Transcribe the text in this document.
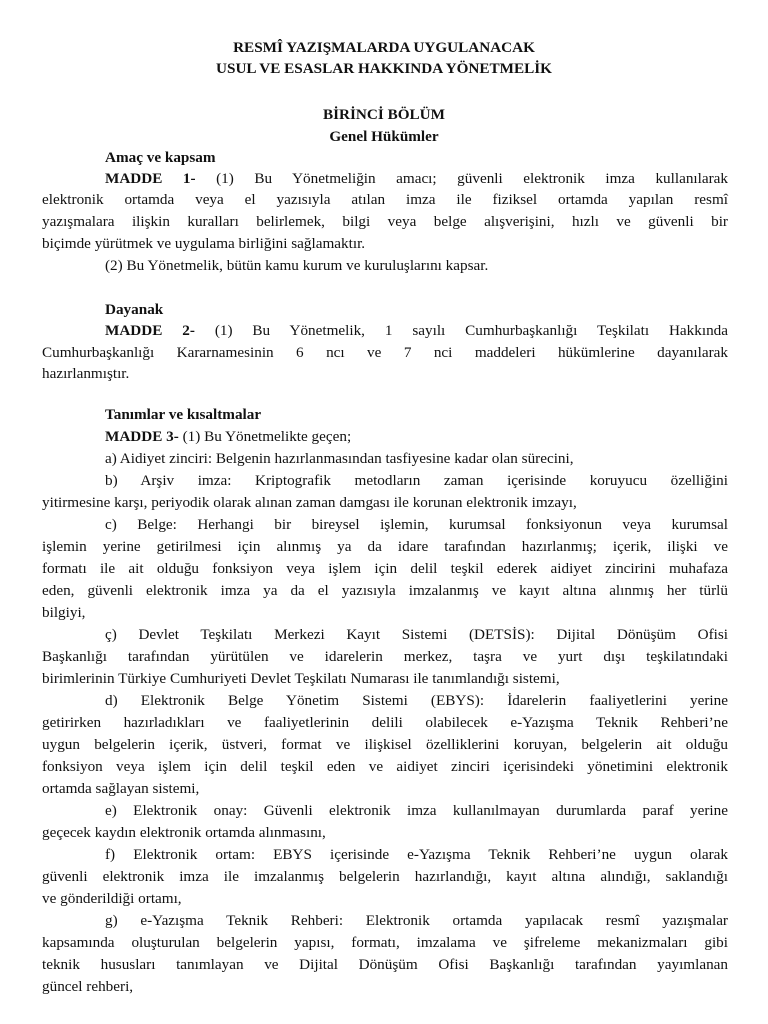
RESMÎ YAZIŞMALARDA UYGULANACAK
USUL VE ESASLAR HAKKINDA YÖNETMELİK
BİRİNCİ BÖLÜM
Genel Hükümler
Amaç ve kapsam
MADDE 1- (1) Bu Yönetmeliğin amacı; güvenli elektronik imza kullanılarak
elektronik ortamda veya el yazısıyla atılan imza ile fiziksel ortamda yapılan resmî
yazışmalara ilişkin kuralları belirlemek, bilgi veya belge alışverişini, hızlı ve güvenli bir
biçimde yürütmek ve uygulama birliğini sağlamaktır.
(2) Bu Yönetmelik, bütün kamu kurum ve kuruluşlarını kapsar.
Dayanak
MADDE 2- (1) Bu Yönetmelik, 1 sayılı Cumhurbaşkanlığı Teşkilatı Hakkında
Cumhurbaşkanlığı Kararnamesinin 6 ncı ve 7 nci maddeleri hükümlerine dayanılarak
hazırlanmıştır.
Tanımlar ve kısaltmalar
MADDE 3- (1) Bu Yönetmelikte geçen;
a) Aidiyet zinciri: Belgenin hazırlanmasından tasfiyesine kadar olan sürecini,
b) Arşiv imza: Kriptografik metodların zaman içerisinde koruyucu özelliğini
yitirmesine karşı, periyodik olarak alınan zaman damgası ile korunan elektronik imzayı,
c) Belge: Herhangi bir bireysel işlemin, kurumsal fonksiyonun veya kurumsal
işlemin yerine getirilmesi için alınmış ya da idare tarafından hazırlanmış; içerik, ilişki ve
formatı ile ait olduğu fonksiyon veya işlem için delil teşkil ederek aidiyet zincirini muhafaza
eden, güvenli elektronik imza ya da el yazısıyla imzalanmış ve kayıt altına alınmış her türlü
bilgiyi,
ç) Devlet Teşkilatı Merkezi Kayıt Sistemi (DETSİS): Dijital Dönüşüm Ofisi
Başkanlığı tarafından yürütülen ve idarelerin merkez, taşra ve yurt dışı teşkilatındaki
birimlerinin Türkiye Cumhuriyeti Devlet Teşkilatı Numarası ile tanımlandığı sistemi,
d) Elektronik Belge Yönetim Sistemi (EBYS): İdarelerin faaliyetlerini yerine
getirirken hazırladıkları ve faaliyetlerinin delili olabilecek e-Yazışma Teknik Rehberi’ne
uygun belgelerin içerik, üstveri, format ve ilişkisel özelliklerini koruyan, belgelerin ait olduğu
fonksiyon veya işlem için delil teşkil eden ve aidiyet zinciri içerisindeki yönetimini elektronik
ortamda sağlayan sistemi,
e) Elektronik onay: Güvenli elektronik imza kullanılmayan durumlarda paraf yerine
geçecek kaydın elektronik ortamda alınmasını,
f) Elektronik ortam: EBYS içerisinde e-Yazışma Teknik Rehberi’ne uygun olarak
güvenli elektronik imza ile imzalanmış belgelerin hazırlandığı, kayıt altına alındığı, saklandığı
ve gönderildiği ortamı,
g) e-Yazışma Teknik Rehberi: Elektronik ortamda yapılacak resmî yazışmalar
kapsamında oluşturulan belgelerin yapısı, formatı, imzalama ve şifreleme mekanizmaları gibi
teknik hususları tanımlayan ve Dijital Dönüşüm Ofisi Başkanlığı tarafından yayımlanan
güncel rehberi,
